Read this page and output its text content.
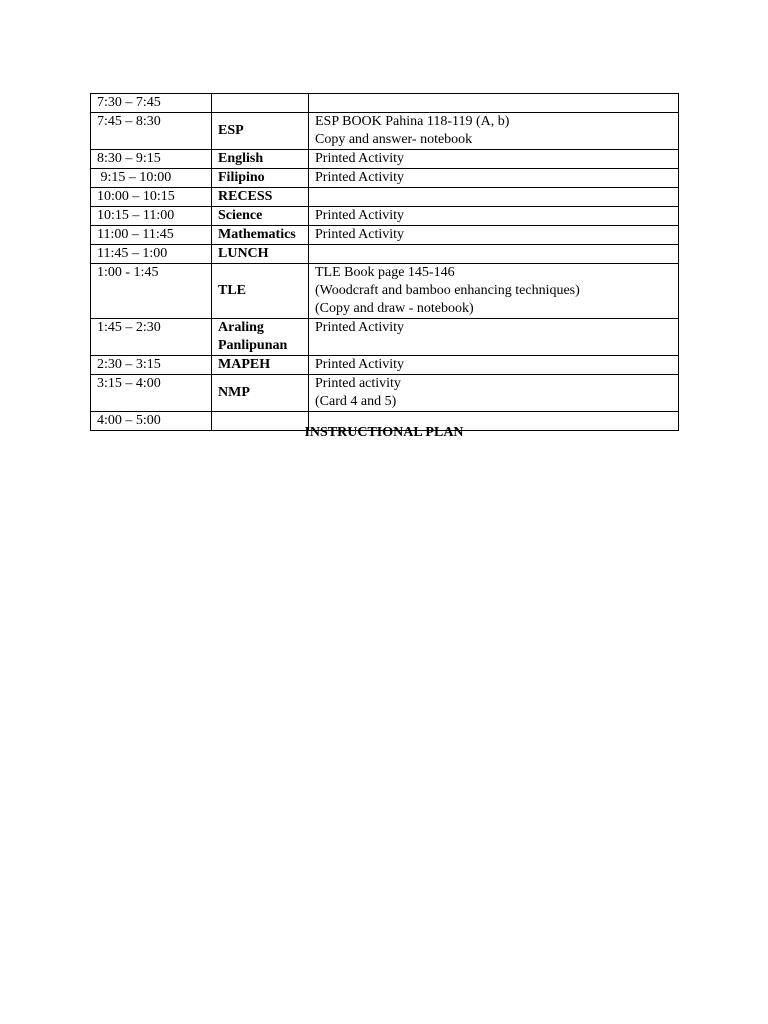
7:30 – 7:45		

7:45 – 8:30	ESP	ESP BOOK Pahina 118-119 (A, b)
Copy and answer- notebook

8:30 – 9:15	English	Printed Activity

9:15 – 10:00	Filipino	Printed Activity

10:00 – 10:15	RECESS	

10:15 – 11:00	Science	Printed Activity

11:00 – 11:45	Mathematics	Printed Activity

11:45 – 1:00	LUNCH	

1:00 - 1:45	TLE	TLE Book page 145-146
(Woodcraft and bamboo enhancing techniques)
(Copy and draw - notebook)

1:45 – 2:30	Araling Panlipunan	Printed Activity

2:30 – 3:15	MAPEH	Printed Activity

3:15 – 4:00	NMP	Printed activity
(Card 4 and 5)

4:00 – 5:00		

INSTRUCTIONAL PLAN
